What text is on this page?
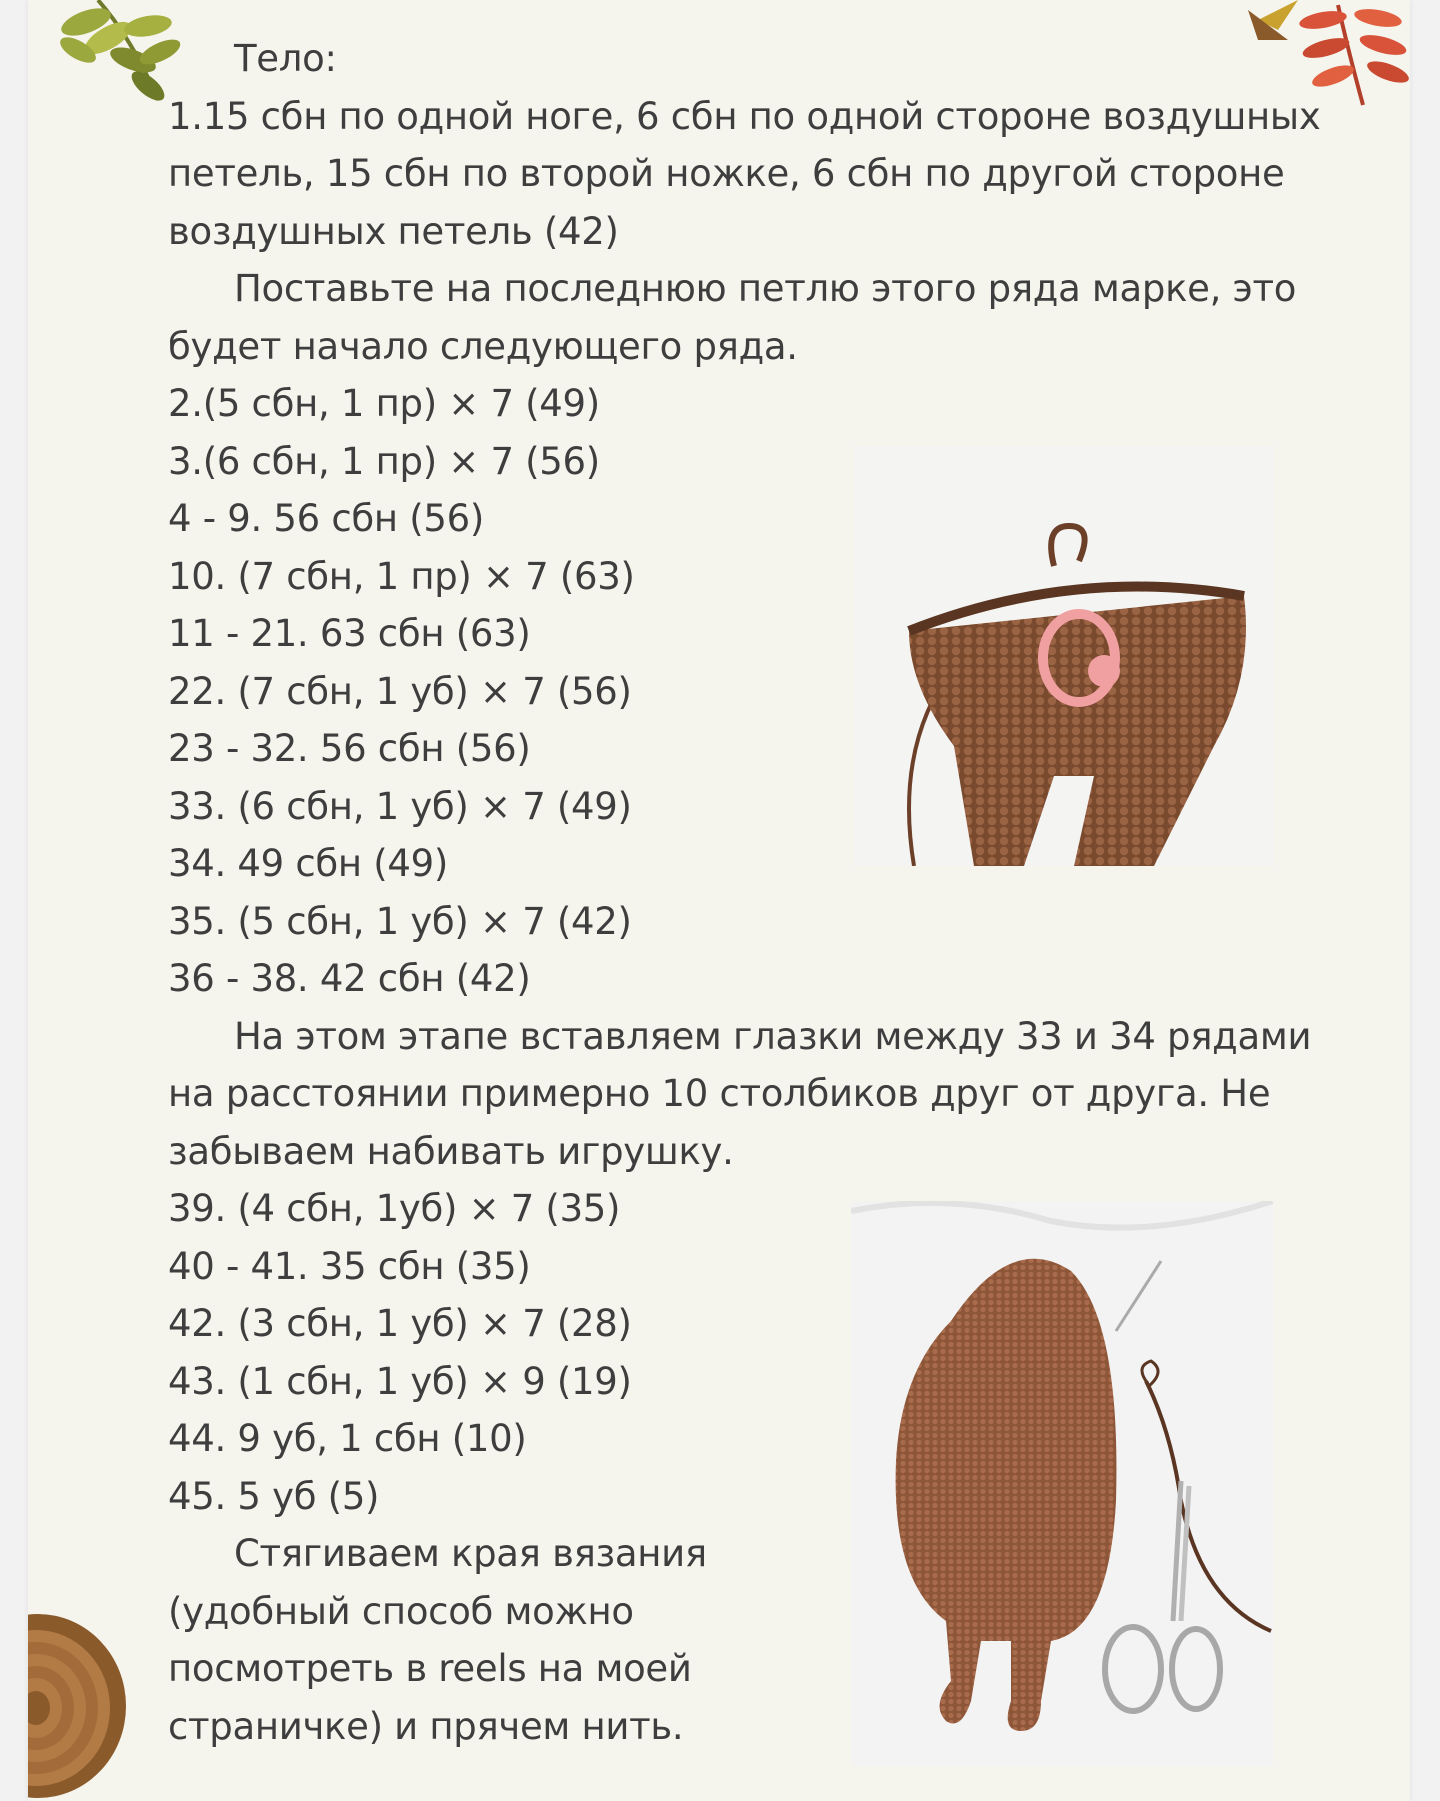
Тело:
1.15 сбн по одной ноге, 6 сбн по одной стороне воздушных
петель, 15 сбн по второй ножке, 6 сбн по другой стороне
воздушных петель (42)
Поставьте на последнюю петлю этого ряда марке, это
будет начало следующего ряда.
2.(5 сбн, 1 пр) × 7 (49)
3.(6 сбн, 1 пр) × 7 (56)
4 - 9. 56 сбн (56)
10. (7 сбн, 1 пр) × 7 (63)
11 - 21. 63 сбн (63)
22. (7 сбн, 1 уб) × 7 (56)
23 - 32. 56 сбн (56)
33. (6 сбн, 1 уб) × 7 (49)
34. 49 сбн (49)
35. (5 сбн, 1 уб) × 7 (42)
36 - 38. 42 сбн (42)
На этом этапе вставляем глазки между 33 и 34 рядами
на расстоянии примерно 10 столбиков друг от друга. Не
забываем набивать игрушку.
39. (4 сбн, 1уб) × 7 (35)
40 - 41. 35 сбн (35)
42. (3 сбн, 1 уб) × 7 (28)
43. (1 сбн, 1 уб) × 9 (19)
44. 9 уб, 1 сбн (10)
45. 5 уб (5)
Стягиваем края вязания
(удобный способ можно
посмотреть в reels на моей
страничке) и прячем нить.
